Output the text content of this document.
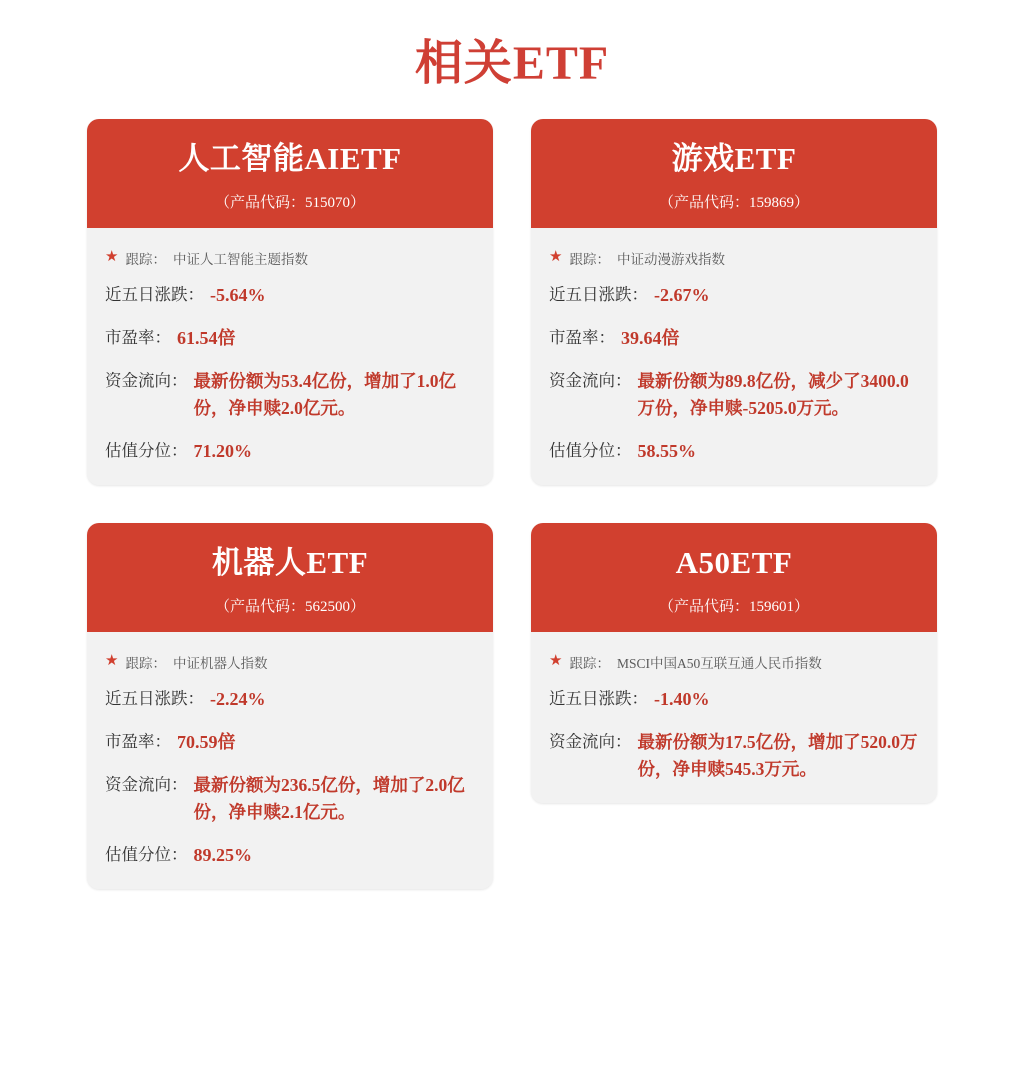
相关ETF
人工智能AIETF
（产品代码：515070）
★ 跟踪： 中证人工智能主题指数
近五日涨跌： -5.64%
市盈率： 61.54倍
资金流向： 最新份额为53.4亿份，增加了1.0亿份，净申赎2.0亿元。
估值分位： 71.20%
游戏ETF
（产品代码：159869）
★ 跟踪： 中证动漫游戏指数
近五日涨跌： -2.67%
市盈率： 39.64倍
资金流向： 最新份额为89.8亿份，减少了3400.0万份，净申赎-5205.0万元。
估值分位： 58.55%
机器人ETF
（产品代码：562500）
★ 跟踪： 中证机器人指数
近五日涨跌： -2.24%
市盈率： 70.59倍
资金流向： 最新份额为236.5亿份，增加了2.0亿份，净申赎2.1亿元。
估值分位： 89.25%
A50ETF
（产品代码：159601）
★ 跟踪： MSCI中国A50互联互通人民币指数
近五日涨跌： -1.40%
资金流向： 最新份额为17.5亿份，增加了520.0万份，净申赎545.3万元。
